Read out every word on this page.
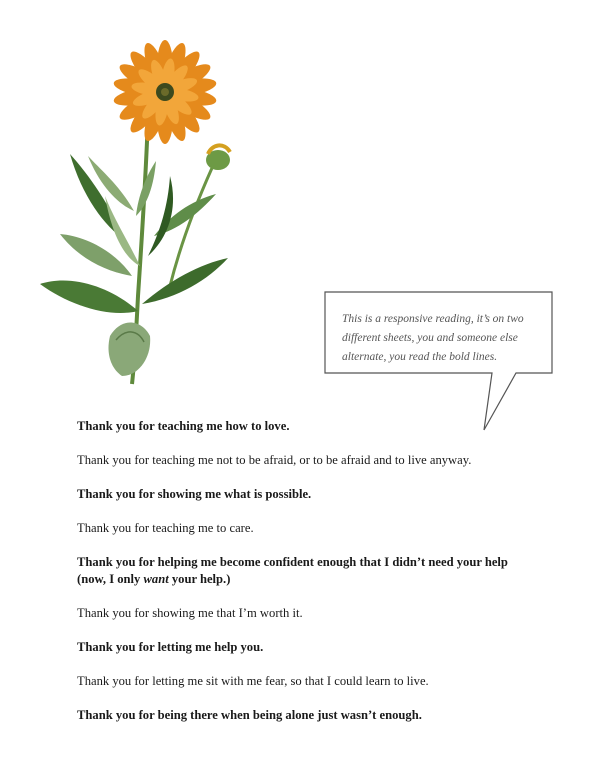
This is a responsive reading, it’s on two different sheets, you and someone else alternate, you read the bold lines.
Thank you for teaching me how to love.
Thank you for teaching me not to be afraid, or to be afraid and to live anyway.
Thank you for showing me what is possible.
Thank you for teaching me to care.
Thank you for helping me become confident enough that I didn’t need your help
(now, I only want your help.)
Thank you for showing me that I’m worth it.
Thank you for letting me help you.
Thank you for letting me sit with me fear, so that I could learn to live.
Thank you for being there when being alone just wasn’t enough.
